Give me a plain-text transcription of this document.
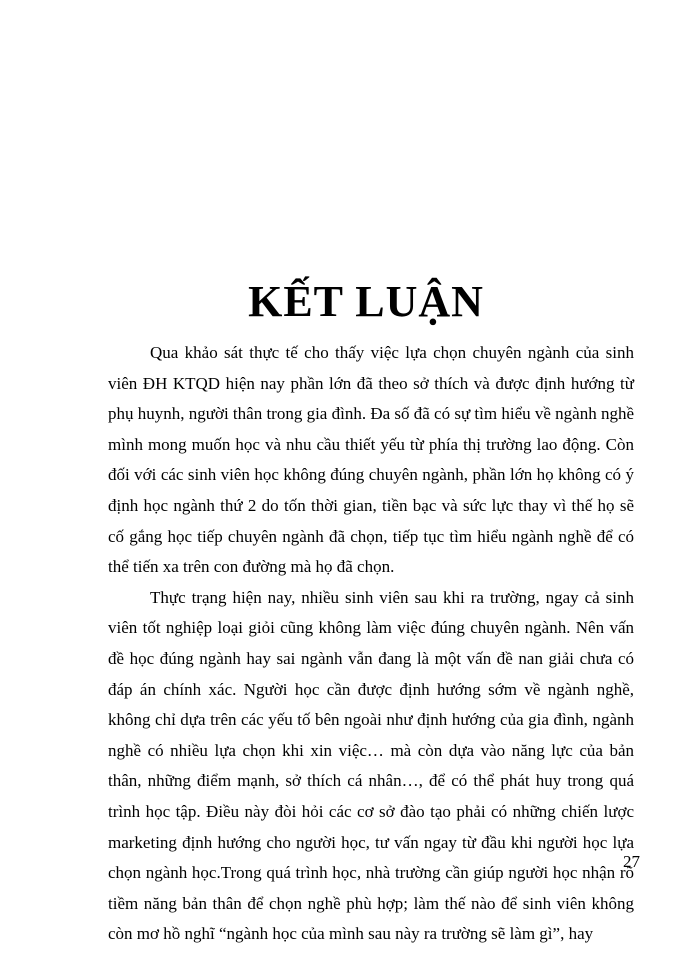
KẾT LUẬN

Qua khảo sát thực tế cho thấy việc lựa chọn chuyên ngành của sinh viên ĐH KTQD hiện nay phần lớn đã theo sở thích và được định hướng từ phụ huynh, người thân trong gia đình. Đa số đã có sự tìm hiểu về ngành nghề mình mong muốn học và nhu cầu thiết yếu từ phía thị trường lao động. Còn đối với các sinh viên học không đúng chuyên ngành, phần lớn họ không có ý định học ngành thứ 2 do tốn thời gian, tiền bạc và sức lực thay vì thế họ sẽ cố gắng học tiếp chuyên ngành đã chọn, tiếp tục tìm hiểu ngành nghề để có thể tiến xa trên con đường mà họ đã chọn.

Thực trạng hiện nay, nhiều sinh viên sau khi ra trường, ngay cả sinh viên tốt nghiệp loại giỏi cũng không làm việc đúng chuyên ngành. Nên vấn đề học đúng ngành hay sai ngành vẫn đang là một vấn đề nan giải chưa có đáp án chính xác. Người học cần được định hướng sớm về ngành nghề, không chỉ dựa trên các yếu tố bên ngoài như định hướng của gia đình, ngành nghề có nhiều lựa chọn khi xin việc… mà còn dựa vào năng lực của bản thân, những điểm mạnh, sở thích cá nhân…, để có thể phát huy trong quá trình học tập. Điều này đòi hỏi các cơ sở đào tạo phải có những chiến lược marketing định hướng cho người học, tư vấn ngay từ đầu khi người học lựa chọn ngành học.Trong quá trình học, nhà trường cần giúp người học nhận rõ tiềm năng bản thân để chọn nghề phù hợp; làm thế nào để sinh viên không còn mơ hồ nghĩ “ngành học của mình sau này ra trường sẽ làm gì”, hay

27
